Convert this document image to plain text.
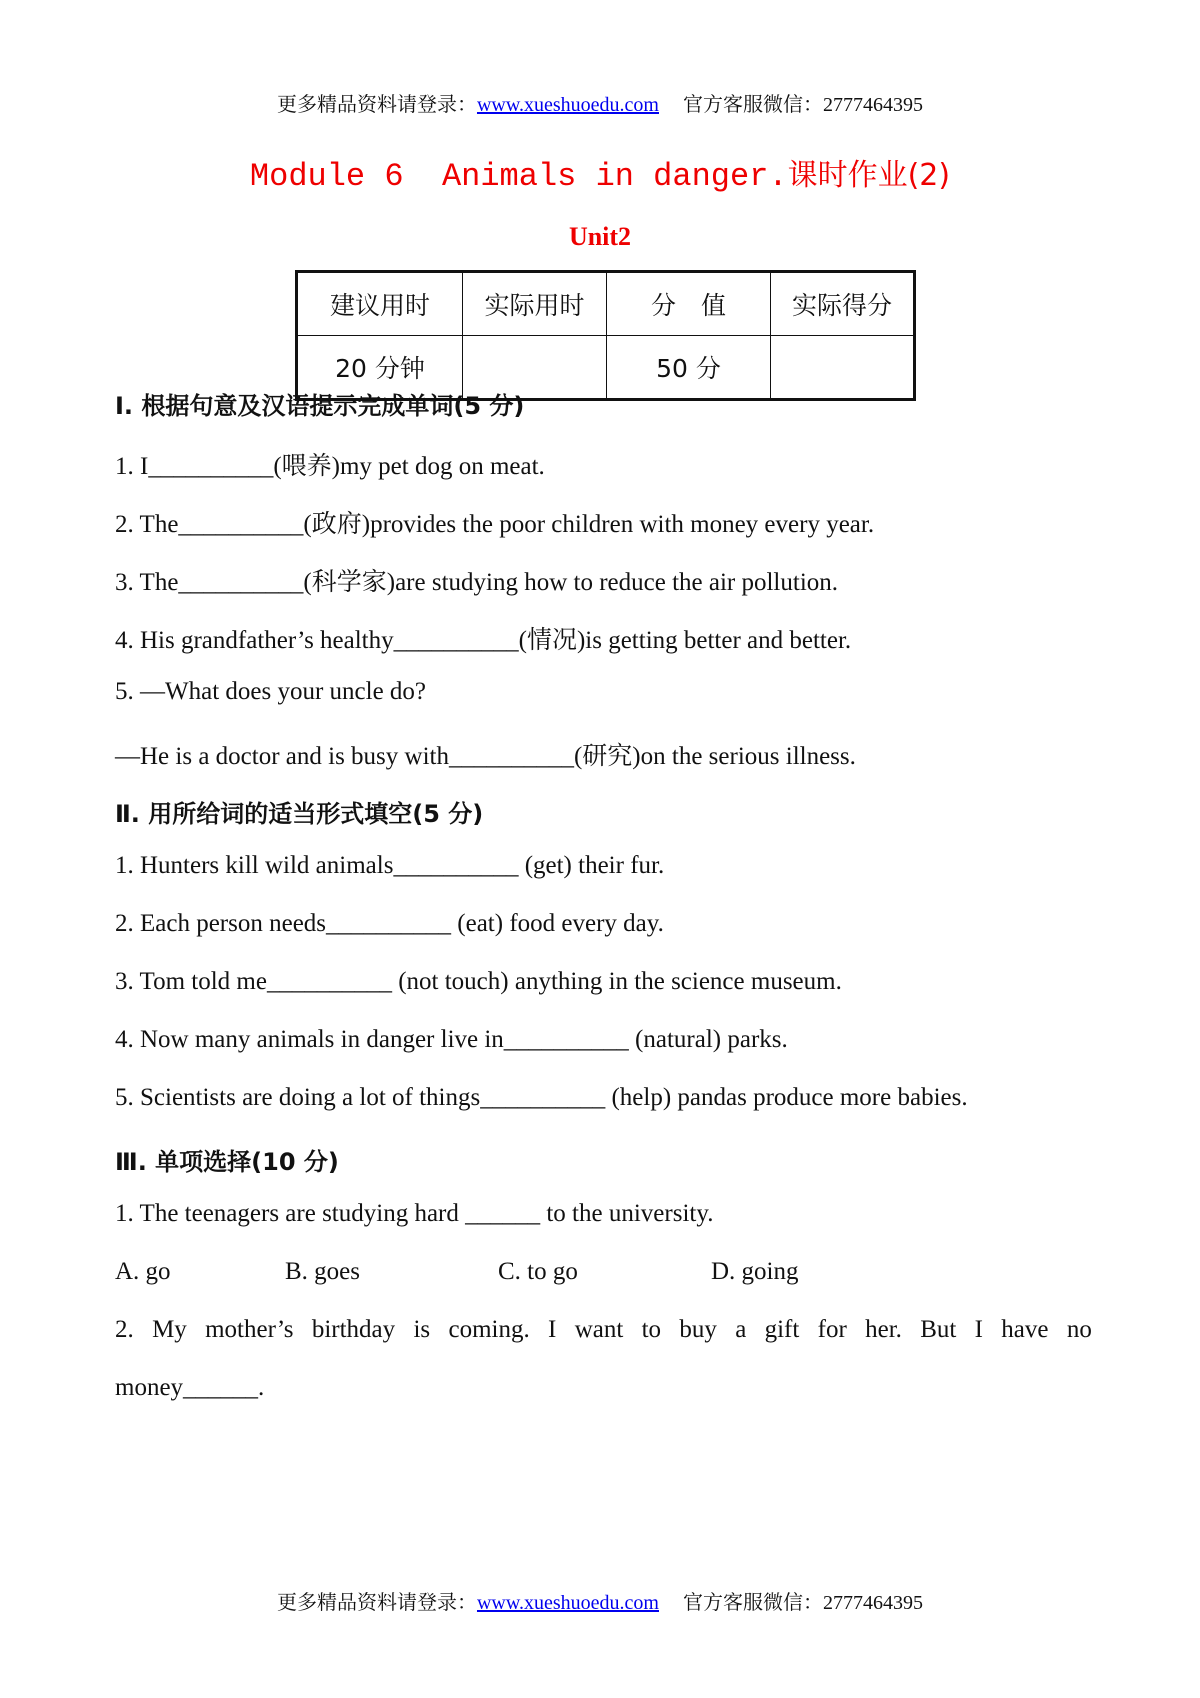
更多精品资料请登录：www.xueshuoedu.com 官方客服微信：2777464395
Module 6  Animals in danger.课时作业(2)
Unit2
建议用时	实际用时	分　值	实际得分
20 分钟		50 分	
Ⅰ. 根据句意及汉语提示完成单词(5 分)
1. I__________(喂养)my pet dog on meat.
2. The__________(政府)provides the poor children with money every year.
3. The__________(科学家)are studying how to reduce the air pollution.
4. His grandfather’s healthy__________(情况)is getting better and better.
5. —What does your uncle do?
—He is a doctor and is busy with__________(研究)on the serious illness.
Ⅱ. 用所给词的适当形式填空(5 分)
1. Hunters kill wild animals__________ (get) their fur.
2. Each person needs__________ (eat) food every day.
3. Tom told me__________ (not touch) anything in the science museum.
4. Now many animals in danger live in__________ (natural) parks.
5. Scientists are doing a lot of things__________ (help) pandas produce more babies.
Ⅲ. 单项选择(10 分)
1. The teenagers are studying hard ______ to the university.
A. go	B. goes	C. to go	D. going
2. My mother’s birthday is coming. I want to buy a gift for her. But I have no
money______.
更多精品资料请登录：www.xueshuoedu.com 官方客服微信：2777464395
